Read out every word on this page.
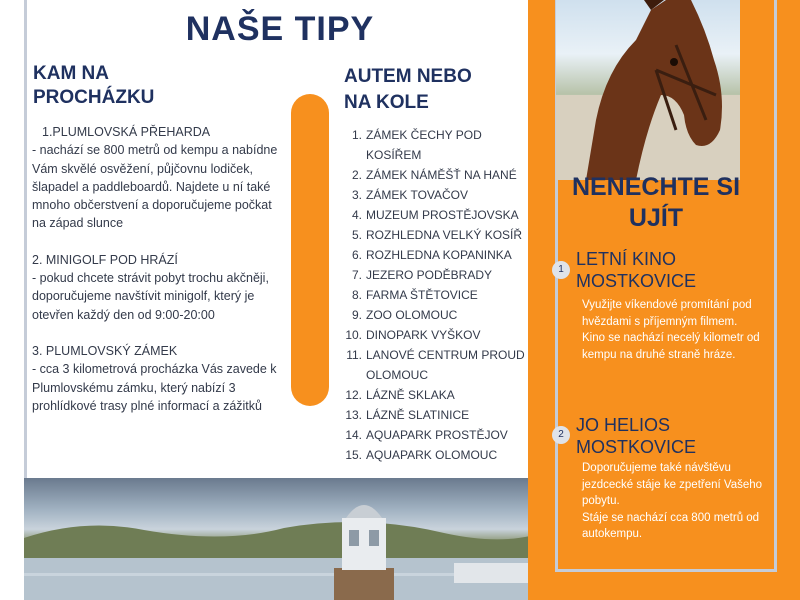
NAŠE TIPY
KAM NA
PROCHÁZKU

1.PLUMLOVSKÁ PŘEHARDA

- nachází se 800 metrů od kempu a nabídne Vám skvělé osvěžení, půjčovnu lodiček, šlapadel a paddleboardů. Najdete u ní také mnoho občerstvení a doporučujeme počkat na západ slunce

2. MINIGOLF POD HRÁZÍ

- pokud chcete strávit pobyt trochu akčněji, doporučujeme navštívit minigolf, který je otevřen každý den od 9:00-20:00

3. PLUMLOVSKÝ ZÁMEK

- cca 3 kilometrová procházka Vás zavede k Plumlovskému zámku, který nabízí 3 prohlídkové trasy plné informací a zážitků

AUTEM NEBO
NA KOLE
1. ZÁMEK ČECHY POD KOSÍŘEM
2. ZÁMEK NÁMĚŠŤ NA HANÉ
3. ZÁMEK TOVAČOV
4. MUZEUM PROSTĚJOVSKA
5. ROZHLEDNA VELKÝ KOSÍŘ
6. ROZHLEDNA KOPANINKA
7. JEZERO PODĚBRADY
8. FARMA ŠTĚTOVICE
9. ZOO OLOMOUC
10. DINOPARK VYŠKOV
11. LANOVÉ CENTRUM PROUD OLOMOUC
12. LÁZNĚ SKLAKA
13. LÁZNĚ SLATINICE
14. AQUAPARK PROSTĚJOV
15. AQUAPARK OLOMOUC
NENECHTE SI
UJÍT
1
LETNÍ KINO
MOSTKOVICE

Využijte víkendové promítání pod hvězdami s příjemným filmem.

Kino se nachází necelý kilometr od kempu na druhé straně hráze.

2 JO HELIOS
MOSTKOVICE

Doporučujeme také návštěvu jezdcecké stáje ke zpetření Vašeho pobytu.

Stáje se nachází cca 800 metrů od autokempu.
